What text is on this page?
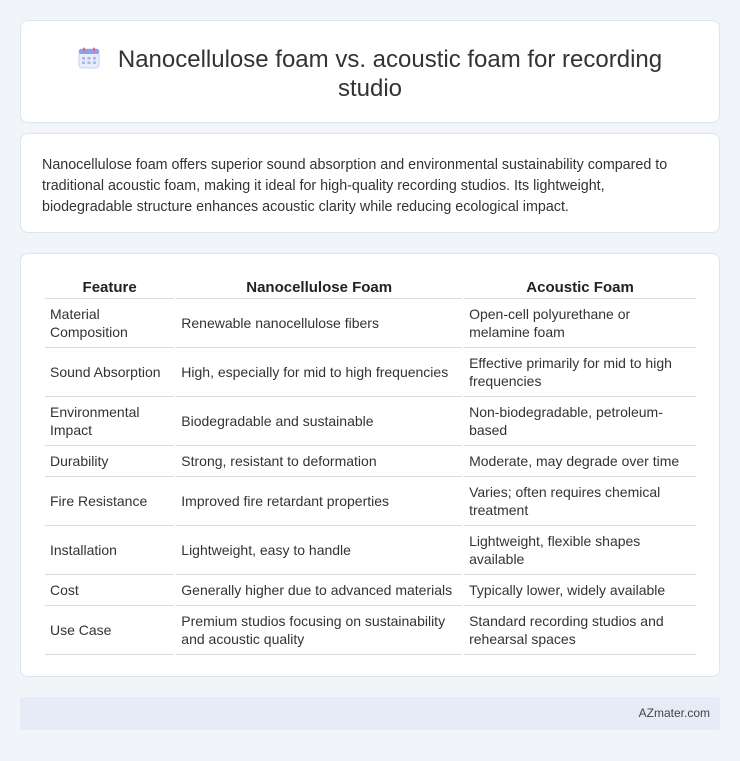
Nanocellulose foam vs. acoustic foam for recording studio

Nanocellulose foam offers superior sound absorption and environmental sustainability compared to traditional acoustic foam, making it ideal for high-quality recording studios. Its lightweight, biodegradable structure enhances acoustic clarity while reducing ecological impact.

Feature	Nanocellulose Foam	Acoustic Foam
Material Composition	Renewable nanocellulose fibers	Open-cell polyurethane or melamine foam
Sound Absorption	High, especially for mid to high frequencies	Effective primarily for mid to high frequencies
Environmental Impact	Biodegradable and sustainable	Non-biodegradable, petroleum-based
Durability	Strong, resistant to deformation	Moderate, may degrade over time
Fire Resistance	Improved fire retardant properties	Varies; often requires chemical treatment
Installation	Lightweight, easy to handle	Lightweight, flexible shapes available
Cost	Generally higher due to advanced materials	Typically lower, widely available
Use Case	Premium studios focusing on sustainability and acoustic quality	Standard recording studios and rehearsal spaces
AZmater.com
